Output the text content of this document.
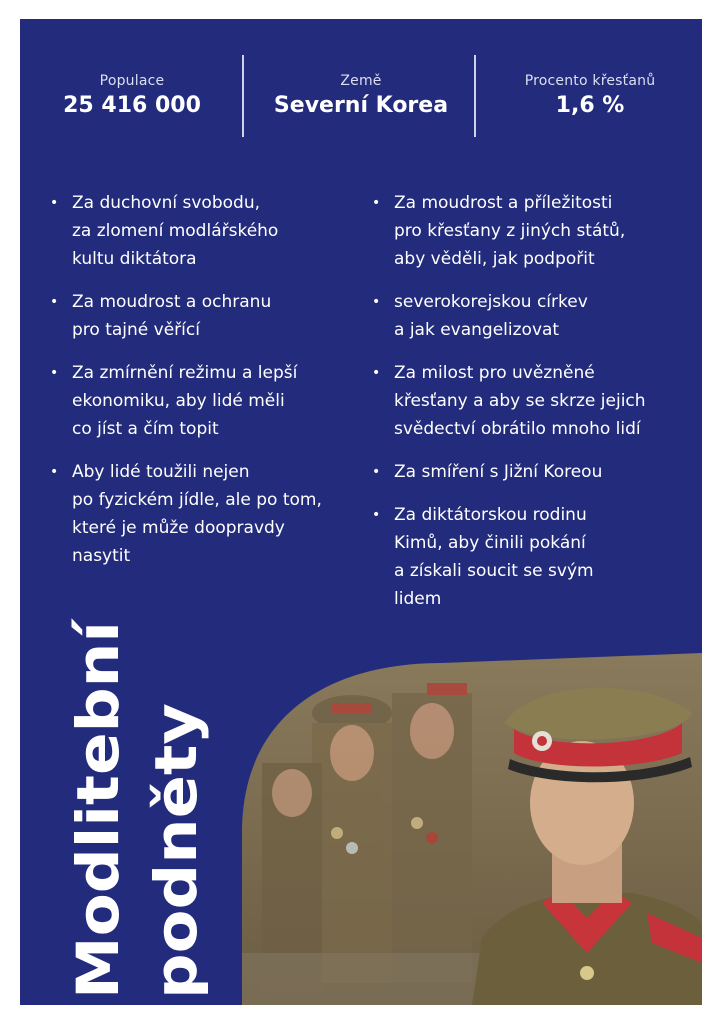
Populace
25 416 000
Země
Severní Korea
Procento křesťanů
1,6 %
• Za duchovní svobodu,
za zlomení modlářského
kultu diktátora
• Za moudrost a ochranu
pro tajné věřící
• Za zmírnění režimu a lepší
ekonomiku, aby lidé měli
co jíst a čím topit
• Aby lidé toužili nejen
po fyzickém jídle, ale po tom,
které je může doopravdy
nasytit
• Za moudrost a příležitosti
pro křesťany z jiných států,
aby věděli, jak podpořit
• severokorejskou církev
a jak evangelizovat
• Za milost pro uvězněné
křesťany a aby se skrze jejich
svědectví obrátilo mnoho lidí
• Za smíření s Jižní Koreou
• Za diktátorskou rodinu
Kimů, aby činili pokání
a získali soucit se svým
lidem
Modlitební podněty
